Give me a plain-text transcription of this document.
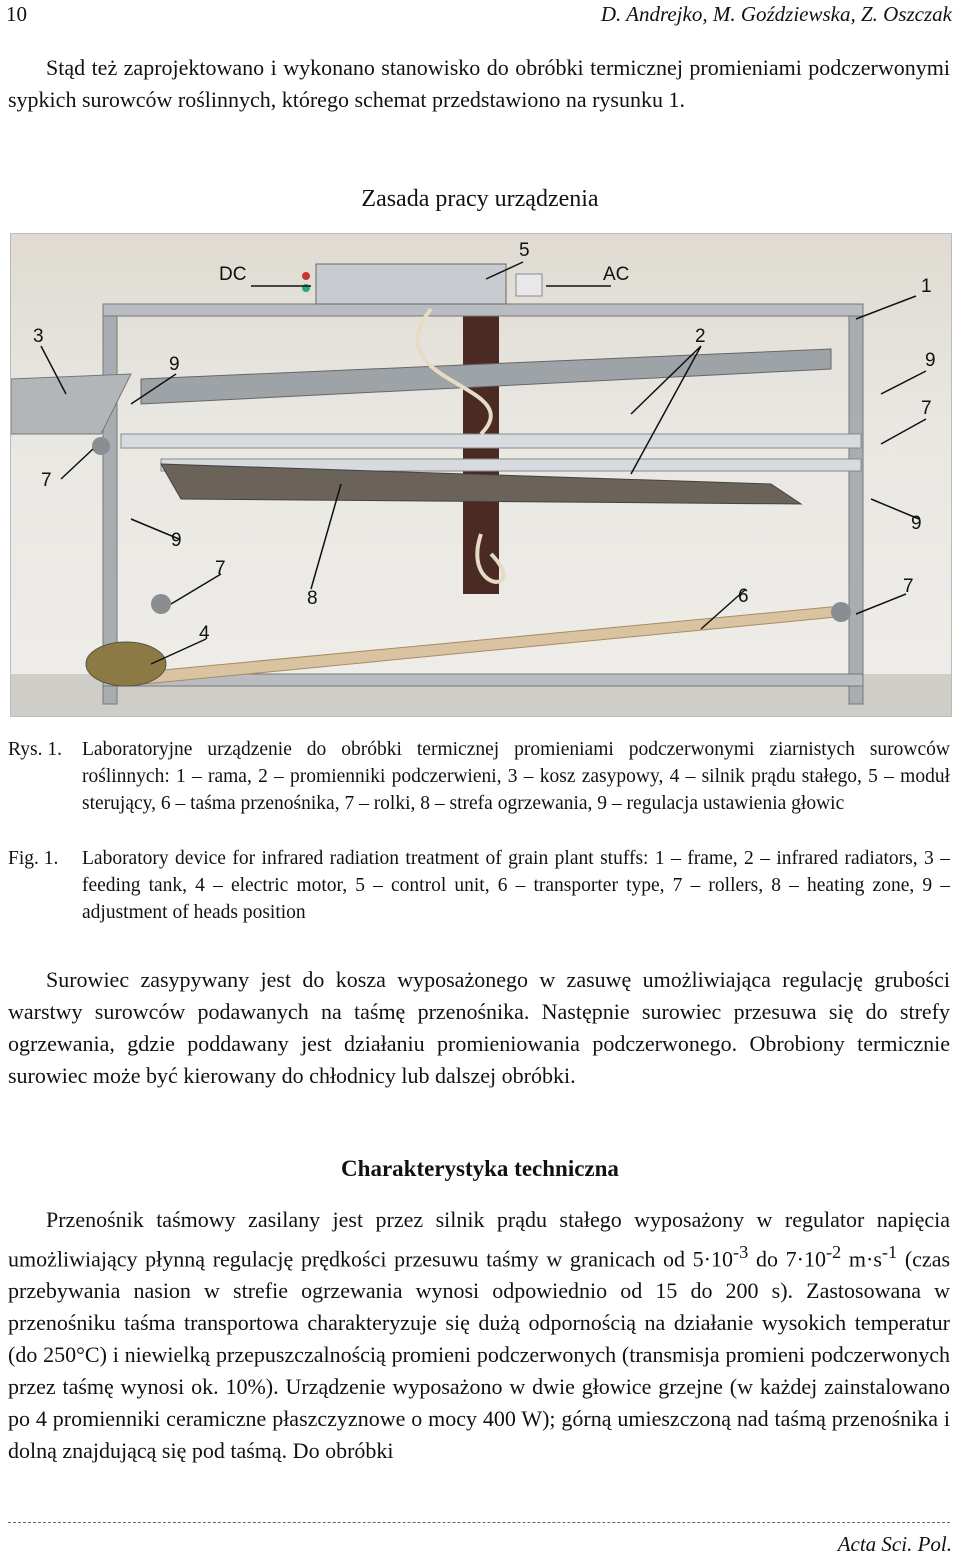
10	D. Andrejko, M. Goździewska, Z. Oszczak

Stąd też zaprojektowano i wykonano stanowisko do obróbki termicznej promieniami podczerwonymi sypkich surowców roślinnych, którego schemat przedstawiono na rysunku 1.

Zasada pracy urządzenia
DC	AC
5
1
2
3
9	9
7
7
9
9
7
7
8	6
4
Rys. 1. Laboratoryjne urządzenie do obróbki termicznej promieniami podczerwonymi ziarnistych surowców roślinnych: 1 – rama, 2 – promienniki podczerwieni, 3 – kosz zasypowy, 4 – silnik prądu stałego, 5 – moduł sterujący, 6 – taśma przenośnika, 7 – rolki, 8 – strefa ogrzewania, 9 – regulacja ustawienia głowic
Fig. 1. Laboratory device for infrared radiation treatment of grain plant stuffs: 1 – frame, 2 – infrared radiators, 3 – feeding tank, 4 – electric motor, 5 – control unit, 6 – transporter type, 7 – rollers, 8 – heating zone, 9 – adjustment of heads position

Surowiec zasypywany jest do kosza wyposażonego w zasuwę umożliwiająca regulację grubości warstwy surowców podawanych na taśmę przenośnika. Następnie surowiec przesuwa się do strefy ogrzewania, gdzie poddawany jest działaniu promieniowania podczerwonego. Obrobiony termicznie surowiec może być kierowany do chłodnicy lub dalszej obróbki.

Charakterystyka techniczna

Przenośnik taśmowy zasilany jest przez silnik prądu stałego wyposażony w regulator napięcia umożliwiający płynną regulację prędkości przesuwu taśmy w granicach od $5\cdot 10^{-3}$ do $7\cdot 10^{-2}$ $m\cdot s^{-1}$ (czas przebywania nasion w strefie ogrzewania wynosi odpowiednio od 15 do 200 s). Zastosowana w przenośniku taśma transportowa charakteryzuje się dużą odpornością na działanie wysokich temperatur (do 250°C) i niewielką przepuszczalnością promieni podczerwonych (transmisja promieni podczerwonych przez taśmę wynosi ok. 10%). Urządzenie wyposażono w dwie głowice grzejne (w każdej zainstalowano po 4 promienniki ceramiczne płaszczyznowe o mocy 400 W); górną umieszczoną nad taśmą przenośnika i dolną znajdującą się pod taśmą. Do obróbki

Acta Sci. Pol.
